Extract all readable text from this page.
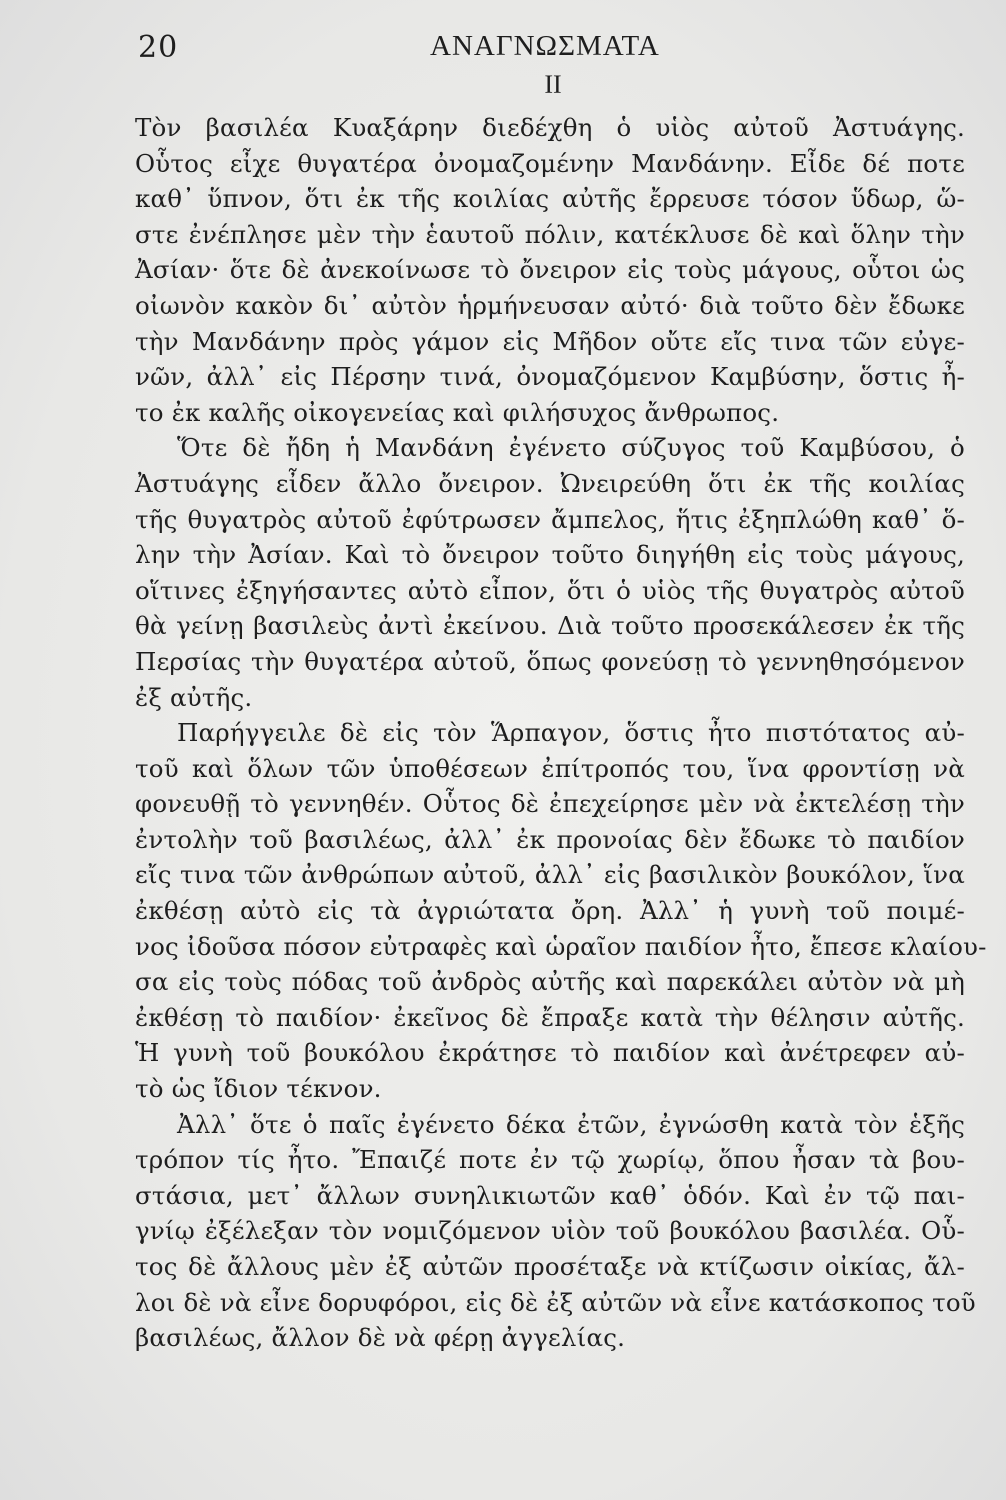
20	ΑΝΑΓΝΩΣΜΑΤΑ
ΙΙ
Τὸν βασιλέα Κυαξάρην διεδέχθη ὁ υἱὸς αὐτοῦ Ἀστυάγης.
Οὗτος εἶχε θυγατέρα ὀνομαζομένην Μανδάνην. Εἶδε δέ ποτε
καθ᾽ ὕπνον, ὅτι ἐκ τῆς κοιλίας αὐτῆς ἔρρευσε τόσον ὕδωρ, ὥ-
στε ἐνέπλησε μὲν τὴν ἑαυτοῦ πόλιν, κατέκλυσε δὲ καὶ ὅλην τὴν
Ἀσίαν· ὅτε δὲ ἀνεκοίνωσε τὸ ὄνειρον εἰς τοὺς μάγους, οὗτοι ὡς
οἰωνὸν κακὸν δι᾽ αὐτὸν ἡρμήνευσαν αὐτό· διὰ τοῦτο δὲν ἔδωκε
τὴν Μανδάνην πρὸς γάμον εἰς Μῆδον οὔτε εἴς τινα τῶν εὐγε-
νῶν, ἀλλ᾽ εἰς Πέρσην τινά, ὀνομαζόμενον Καμβύσην, ὅστις ἦ-
το ἐκ καλῆς οἰκογενείας καὶ φιλήσυχος ἄνθρωπος.
Ὅτε δὲ ἤδη ἡ Μανδάνη ἐγένετο σύζυγος τοῦ Καμβύσου, ὁ
Ἀστυάγης εἶδεν ἄλλο ὄνειρον. Ὠνειρεύθη ὅτι ἐκ τῆς κοιλίας
τῆς θυγατρὸς αὐτοῦ ἐφύτρωσεν ἄμπελος, ἥτις ἐξηπλώθη καθ᾽ ὅ-
λην τὴν Ἀσίαν. Καὶ τὸ ὄνειρον τοῦτο διηγήθη εἰς τοὺς μάγους,
οἵτινες ἐξηγήσαντες αὐτὸ εἶπον, ὅτι ὁ υἱὸς τῆς θυγατρὸς αὐτοῦ
θὰ γείνῃ βασιλεὺς ἀντὶ ἐκείνου. Διὰ τοῦτο προσεκάλεσεν ἐκ τῆς
Περσίας τὴν θυγατέρα αὐτοῦ, ὅπως φονεύσῃ τὸ γεννηθησόμενον
ἐξ αὐτῆς.
Παρήγγειλε δὲ εἰς τὸν Ἅρπαγον, ὅστις ἦτο πιστότατος αὐ-
τοῦ καὶ ὅλων τῶν ὑποθέσεων ἐπίτροπός του, ἵνα φροντίσῃ νὰ
φονευθῇ τὸ γεννηθέν. Οὗτος δὲ ἐπεχείρησε μὲν νὰ ἐκτελέσῃ τὴν
ἐντολὴν τοῦ βασιλέως, ἀλλ᾽ ἐκ προνοίας δὲν ἔδωκε τὸ παιδίον
εἴς τινα τῶν ἀνθρώπων αὐτοῦ, ἀλλ᾽ εἰς βασιλικὸν βουκόλον, ἵνα
ἐκθέσῃ αὐτὸ εἰς τὰ ἀγριώτατα ὄρη. Ἀλλ᾽ ἡ γυνὴ τοῦ ποιμέ-
νος ἰδοῦσα πόσον εὐτραφὲς καὶ ὡραῖον παιδίον ἦτο, ἔπεσε κλαίου-
σα εἰς τοὺς πόδας τοῦ ἀνδρὸς αὐτῆς καὶ παρεκάλει αὐτὸν νὰ μὴ
ἐκθέσῃ τὸ παιδίον· ἐκεῖνος δὲ ἔπραξε κατὰ τὴν θέλησιν αὐτῆς.
Ἡ γυνὴ τοῦ βουκόλου ἐκράτησε τὸ παιδίον καὶ ἀνέτρεφεν αὐ-
τὸ ὡς ἴδιον τέκνον.
Ἀλλ᾽ ὅτε ὁ παῖς ἐγένετο δέκα ἐτῶν, ἐγνώσθη κατὰ τὸν ἑξῆς
τρόπον τίς ἦτο. Ἔπαιζέ ποτε ἐν τῷ χωρίῳ, ὅπου ἦσαν τὰ βου-
στάσια, μετ᾽ ἄλλων συνηλικιωτῶν καθ᾽ ὁδόν. Καὶ ἐν τῷ παι-
γνίῳ ἐξέλεξαν τὸν νομιζόμενον υἱὸν τοῦ βουκόλου βασιλέα. Οὗ-
τος δὲ ἄλλους μὲν ἐξ αὐτῶν προσέταξε νὰ κτίζωσιν οἰκίας, ἄλ-
λοι δὲ νὰ εἶνε δορυφόροι, εἰς δὲ ἐξ αὐτῶν νὰ εἶνε κατάσκοπος τοῦ
βασιλέως, ἄλλον δὲ νὰ φέρῃ ἀγγελίας.
